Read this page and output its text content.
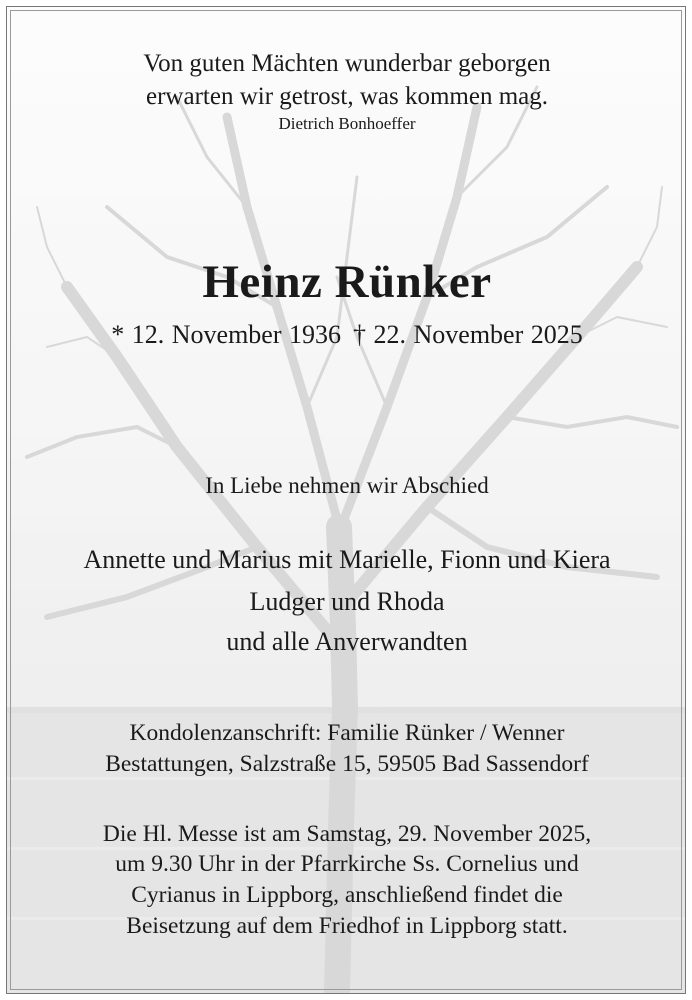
Von guten Mächten wunderbar geborgen
erwarten wir getrost, was kommen mag.
Dietrich Bonhoeffer
Heinz Rünker
* 12. November 1936 † 22. November 2025
In Liebe nehmen wir Abschied
Annette und Marius mit Marielle, Fionn und Kiera
Ludger und Rhoda
und alle Anverwandten
Kondolenzanschrift: Familie Rünker / Wenner
Bestattungen, Salzstraße 15, 59505 Bad Sassendorf
Die Hl. Messe ist am Samstag, 29. November 2025,
um 9.30 Uhr in der Pfarrkirche Ss. Cornelius und
Cyrianus in Lippborg, anschließend findet die
Beisetzung auf dem Friedhof in Lippborg statt.
